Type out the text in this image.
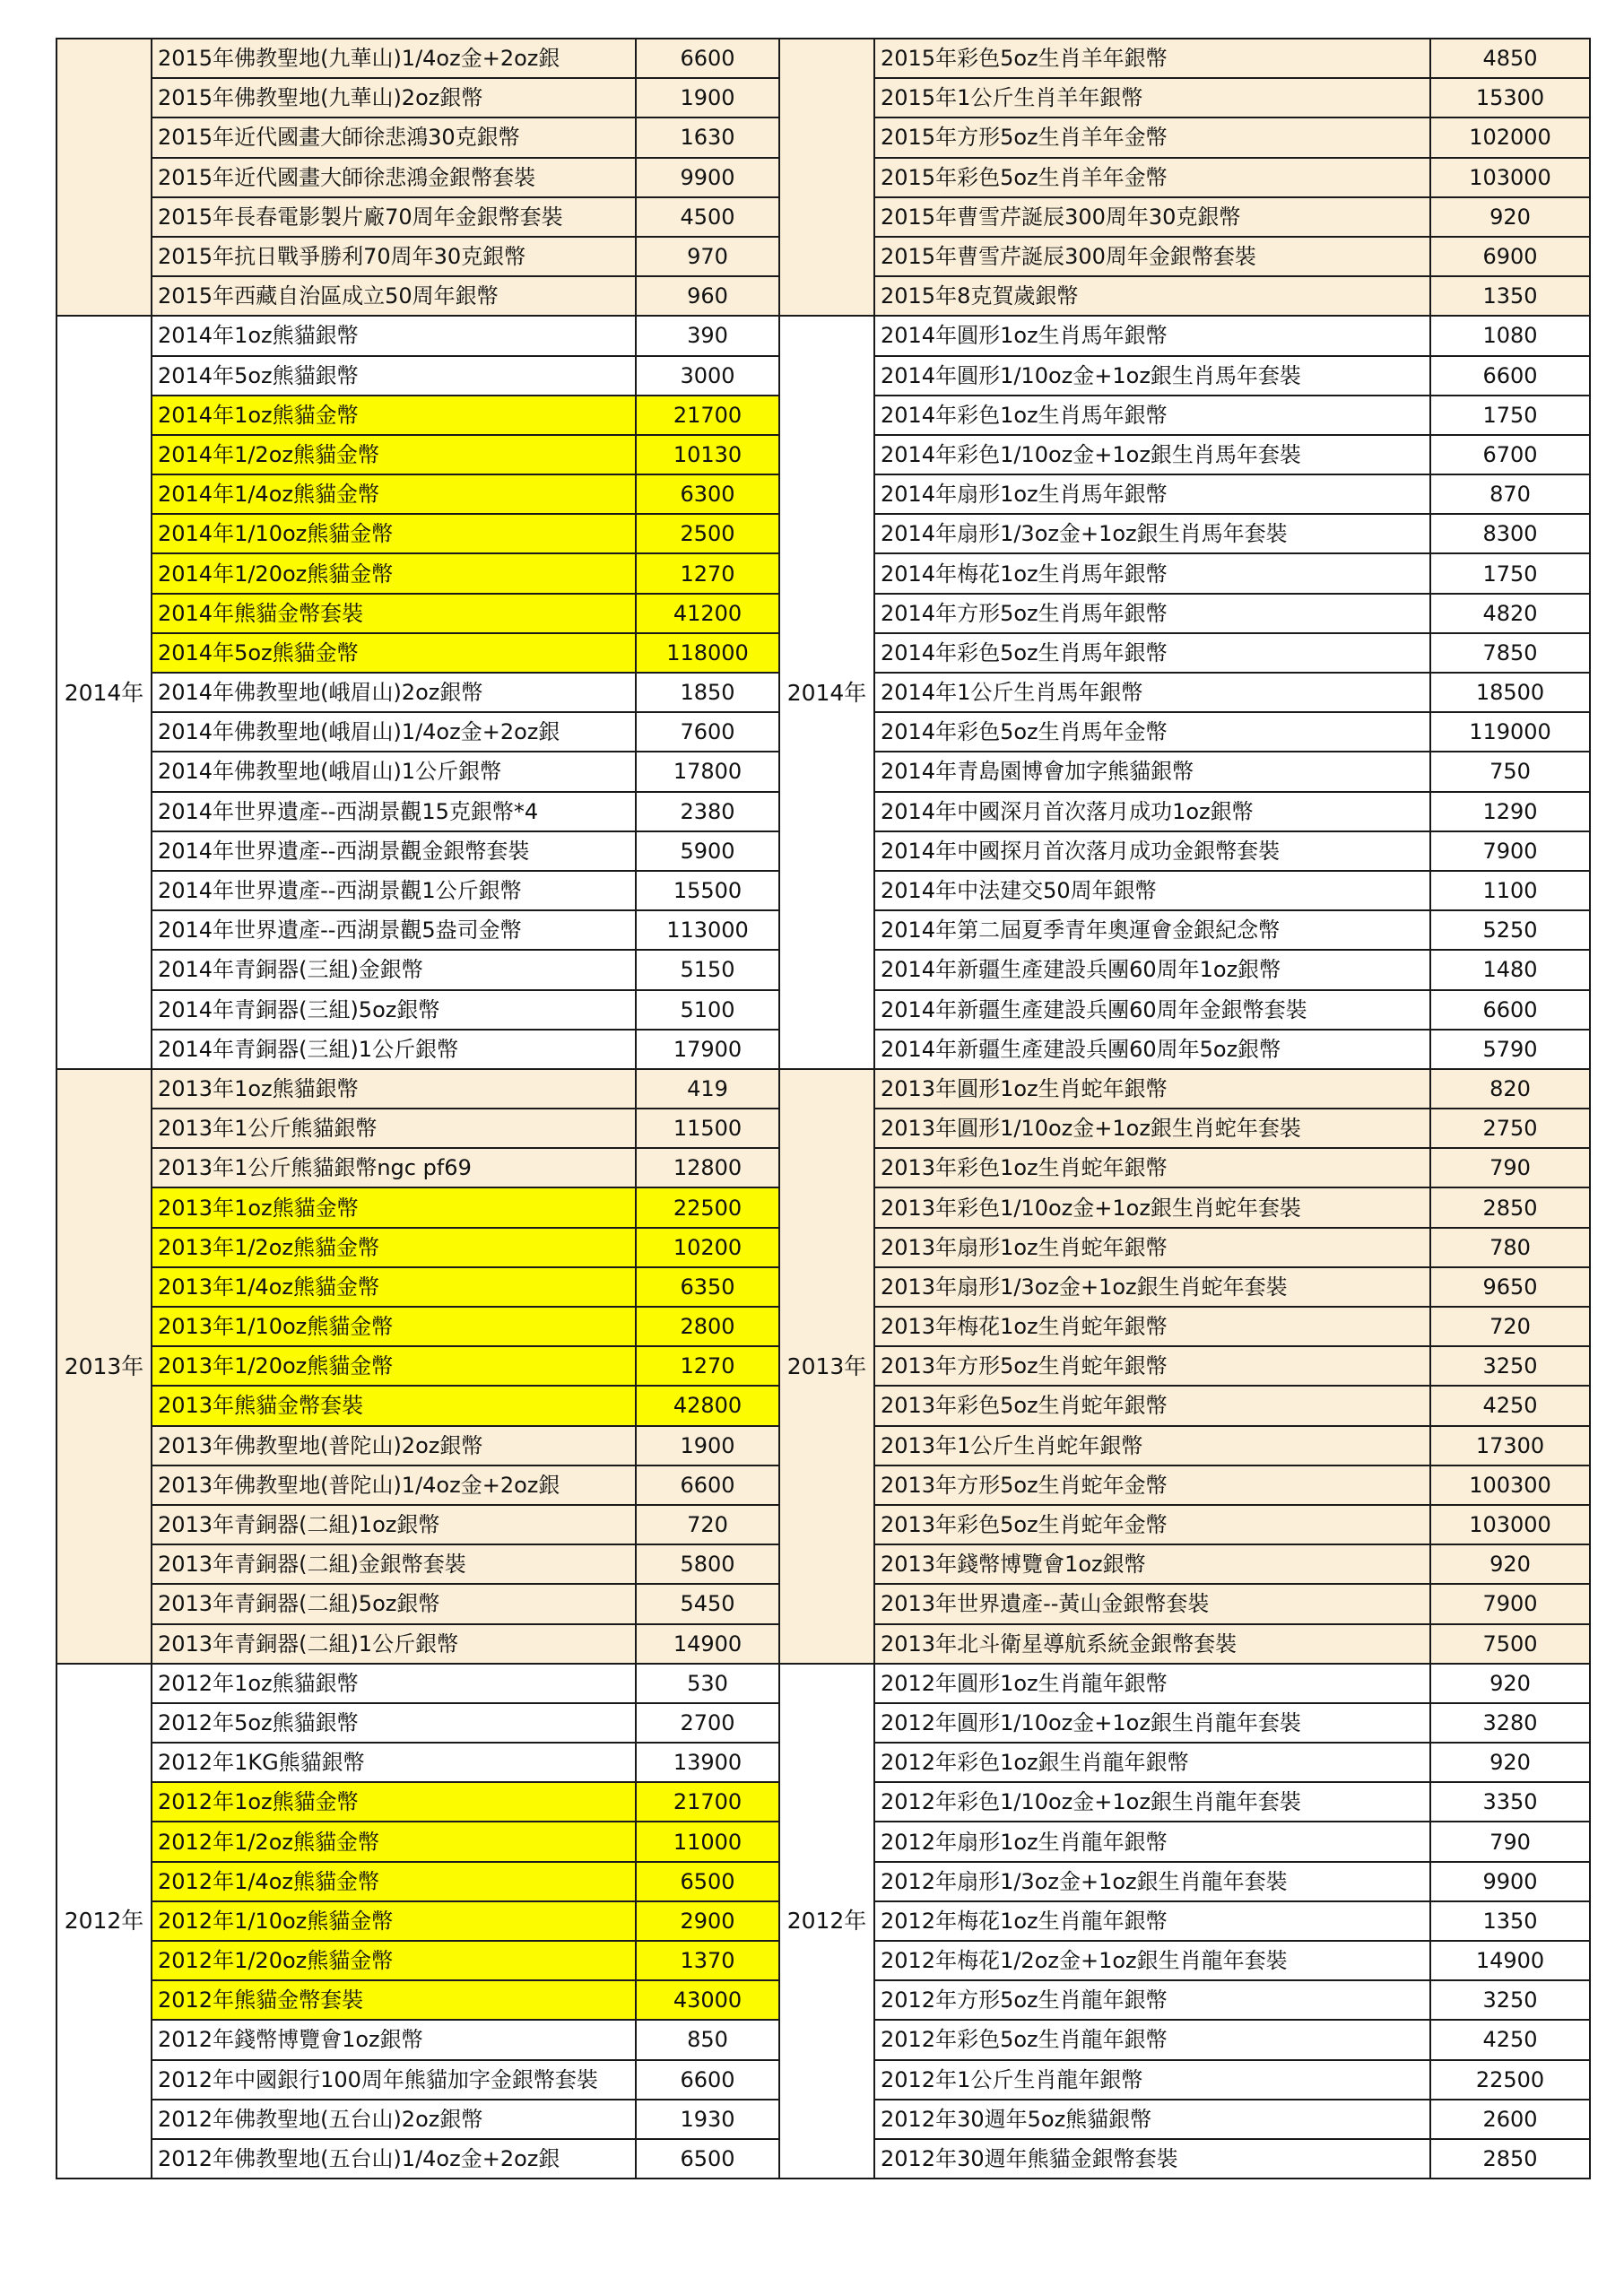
	2015年佛教聖地(九華山)1/4oz金+2oz銀	6600
	2015年佛教聖地(九華山)2oz銀幣	1900
	2015年近代國畫大師徐悲鴻30克銀幣	1630
	2015年近代國畫大師徐悲鴻金銀幣套裝	9900
	2015年長春電影製片廠70周年金銀幣套裝	4500
	2015年抗日戰爭勝利70周年30克銀幣	970
	2015年西藏自治區成立50周年銀幣	960
2014年	2014年1oz熊貓銀幣	390
	2014年5oz熊貓銀幣	3000
	2014年1oz熊貓金幣	21700
	2014年1/2oz熊貓金幣	10130
	2014年1/4oz熊貓金幣	6300
	2014年1/10oz熊貓金幣	2500
	2014年1/20oz熊貓金幣	1270
	2014年熊貓金幣套裝	41200
	2014年5oz熊貓金幣	118000
	2014年佛教聖地(峨眉山)2oz銀幣	1850
	2014年佛教聖地(峨眉山)1/4oz金+2oz銀	7600
	2014年佛教聖地(峨眉山)1公斤銀幣	17800
	2014年世界遺產--西湖景觀15克銀幣*4	2380
	2014年世界遺產--西湖景觀金銀幣套裝	5900
	2014年世界遺產--西湖景觀1公斤銀幣	15500
	2014年世界遺產--西湖景觀5盎司金幣	113000
	2014年青銅器(三組)金銀幣	5150
	2014年青銅器(三組)5oz銀幣	5100
	2014年青銅器(三組)1公斤銀幣	17900
2013年	2013年1oz熊貓銀幣	419
	2013年1公斤熊貓銀幣	11500
	2013年1公斤熊貓銀幣ngc pf69	12800
	2013年1oz熊貓金幣	22500
	2013年1/2oz熊貓金幣	10200
	2013年1/4oz熊貓金幣	6350
	2013年1/10oz熊貓金幣	2800
	2013年1/20oz熊貓金幣	1270
	2013年熊貓金幣套裝	42800
	2013年佛教聖地(普陀山)2oz銀幣	1900
	2013年佛教聖地(普陀山)1/4oz金+2oz銀	6600
	2013年青銅器(二組)1oz銀幣	720
	2013年青銅器(二組)金銀幣套裝	5800
	2013年青銅器(二組)5oz銀幣	5450
	2013年青銅器(二組)1公斤銀幣	14900
2012年	2012年1oz熊貓銀幣	530
	2012年5oz熊貓銀幣	2700
	2012年1KG熊貓銀幣	13900
	2012年1oz熊貓金幣	21700
	2012年1/2oz熊貓金幣	11000
	2012年1/4oz熊貓金幣	6500
	2012年1/10oz熊貓金幣	2900
	2012年1/20oz熊貓金幣	1370
	2012年熊貓金幣套裝	43000
	2012年錢幣博覽會1oz銀幣	850
	2012年中國銀行100周年熊貓加字金銀幣套裝	6600
	2012年佛教聖地(五台山)2oz銀幣	1930
	2012年佛教聖地(五台山)1/4oz金+2oz銀	6500
	2015年彩色5oz生肖羊年銀幣	4850
	2015年1公斤生肖羊年銀幣	15300
	2015年方形5oz生肖羊年金幣	102000
	2015年彩色5oz生肖羊年金幣	103000
	2015年曹雪芹誕辰300周年30克銀幣	920
	2015年曹雪芹誕辰300周年金銀幣套裝	6900
	2015年8克賀歲銀幣	1350
2014年	2014年圓形1oz生肖馬年銀幣	1080
	2014年圓形1/10oz金+1oz銀生肖馬年套裝	6600
	2014年彩色1oz生肖馬年銀幣	1750
	2014年彩色1/10oz金+1oz銀生肖馬年套裝	6700
	2014年扇形1oz生肖馬年銀幣	870
	2014年扇形1/3oz金+1oz銀生肖馬年套裝	8300
	2014年梅花1oz生肖馬年銀幣	1750
	2014年方形5oz生肖馬年銀幣	4820
	2014年彩色5oz生肖馬年銀幣	7850
	2014年1公斤生肖馬年銀幣	18500
	2014年彩色5oz生肖馬年金幣	119000
	2014年青島園博會加字熊貓銀幣	750
	2014年中國深月首次落月成功1oz銀幣	1290
	2014年中國探月首次落月成功金銀幣套裝	7900
	2014年中法建交50周年銀幣	1100
	2014年第二屆夏季青年奧運會金銀紀念幣	5250
	2014年新疆生產建設兵團60周年1oz銀幣	1480
	2014年新疆生產建設兵團60周年金銀幣套裝	6600
	2014年新疆生產建設兵團60周年5oz銀幣	5790
2013年	2013年圓形1oz生肖蛇年銀幣	820
	2013年圓形1/10oz金+1oz銀生肖蛇年套裝	2750
	2013年彩色1oz生肖蛇年銀幣	790
	2013年彩色1/10oz金+1oz銀生肖蛇年套裝	2850
	2013年扇形1oz生肖蛇年銀幣	780
	2013年扇形1/3oz金+1oz銀生肖蛇年套裝	9650
	2013年梅花1oz生肖蛇年銀幣	720
	2013年方形5oz生肖蛇年銀幣	3250
	2013年彩色5oz生肖蛇年銀幣	4250
	2013年1公斤生肖蛇年銀幣	17300
	2013年方形5oz生肖蛇年金幣	100300
	2013年彩色5oz生肖蛇年金幣	103000
	2013年錢幣博覽會1oz銀幣	920
	2013年世界遺產--黃山金銀幣套裝	7900
	2013年北斗衛星導航系統金銀幣套裝	7500
2012年	2012年圓形1oz生肖龍年銀幣	920
	2012年圓形1/10oz金+1oz銀生肖龍年套裝	3280
	2012年彩色1oz銀生肖龍年銀幣	920
	2012年彩色1/10oz金+1oz銀生肖龍年套裝	3350
	2012年扇形1oz生肖龍年銀幣	790
	2012年扇形1/3oz金+1oz銀生肖龍年套裝	9900
	2012年梅花1oz生肖龍年銀幣	1350
	2012年梅花1/2oz金+1oz銀生肖龍年套裝	14900
	2012年方形5oz生肖龍年銀幣	3250
	2012年彩色5oz生肖龍年銀幣	4250
	2012年1公斤生肖龍年銀幣	22500
	2012年30週年5oz熊貓銀幣	2600
	2012年30週年熊貓金銀幣套裝	2850
